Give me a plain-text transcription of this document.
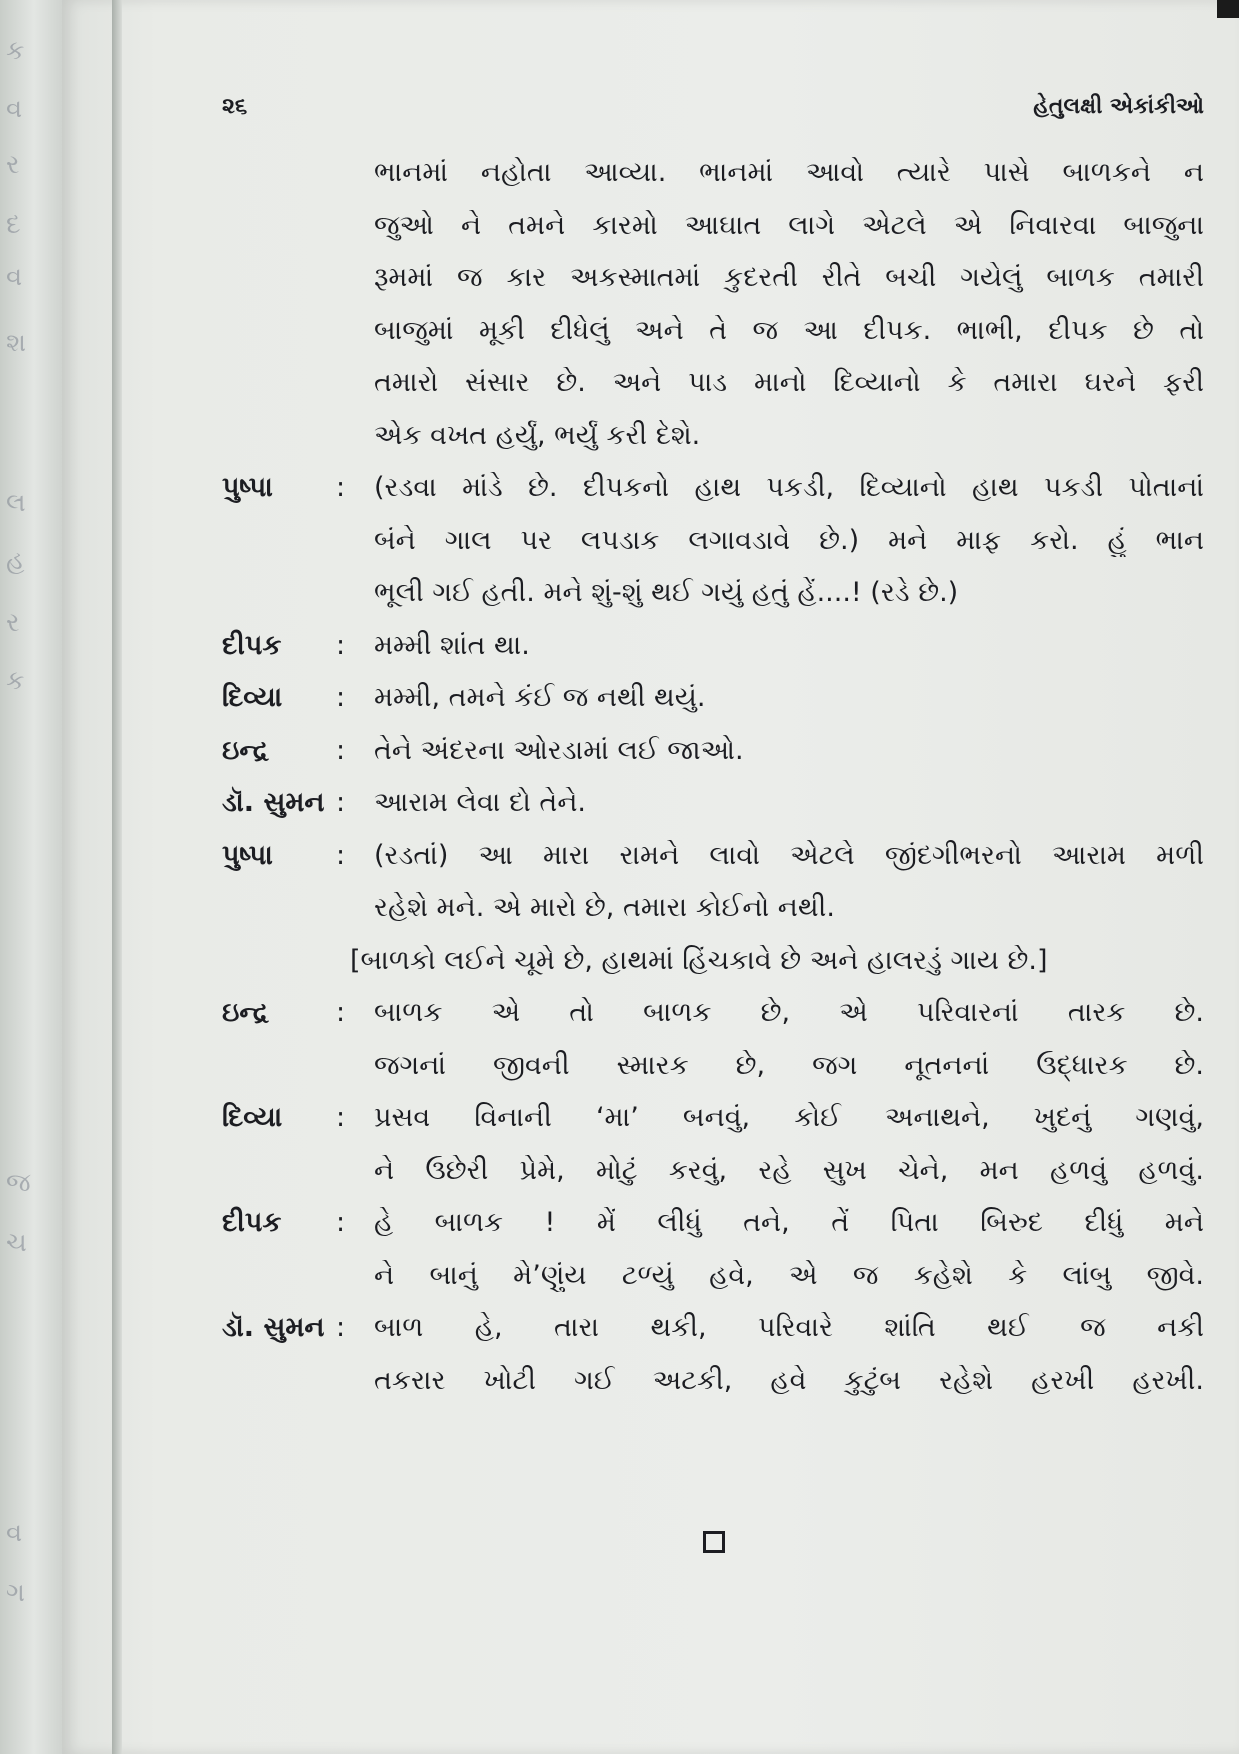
ક
વ
ર
દ
વ
શ
લ
હ
ર
ક
જ
ચ
વ
ગ
૨૬	હેતુલક્ષી એકાંકીઓ
ભાનમાં નહોતા આવ્યા. ભાનમાં આવો ત્યારે પાસે બાળકને ન
જુઓ ને તમને કારમો આઘાત લાગે એટલે એ નિવારવા બાજુના
રૂમમાં જ કાર અકસ્માતમાં કુદરતી રીતે બચી ગયેલું બાળક તમારી
બાજુમાં મૂકી દીધેલું અને તે જ આ દીપક. ભાભી, દીપક છે તો
તમારો સંસાર છે. અને પાડ માનો દિવ્યાનો કે તમારા ઘરને ફરી
એક વખત હર્યું, ભર્યું કરી દેશે.
પુષ્પા : (રડવા માંડે છે. દીપકનો હાથ પકડી, દિવ્યાનો હાથ પકડી પોતાનાં
બંને ગાલ પર લપડાક લગાવડાવે છે.) મને માફ કરો. હું ભાન
ભૂલી ગઈ હતી. મને શું-શું થઈ ગયું હતું હેં....! (રડે છે.)
દીપક : મમ્મી શાંત થા.
દિવ્યા : મમ્મી, તમને કંઈ જ નથી થયું.
ઇન્દ્ર : તેને અંદરના ઓરડામાં લઈ જાઓ.
ડૉ. સુમન : આરામ લેવા દો તેને.
પુષ્પા : (રડતાં) આ મારા રામને લાવો એટલે જીંદગીભરનો આરામ મળી
રહેશે મને. એ મારો છે, તમારા કોઈનો નથી.
[બાળકો લઈને ચૂમે છે, હાથમાં હિંચકાવે છે અને હાલરડું ગાય છે.]
ઇન્દ્ર : બાળક એ તો બાળક છે, એ પરિવારનાં તારક છે.
જગનાં જીવની સ્મારક છે, જગ નૂતનનાં ઉદ્ધારક છે.
દિવ્યા : પ્રસવ વિનાની ‘મા’ બનવું, કોઈ અનાથને, ખુદનું ગણવું,
ને ઉછેરી પ્રેમે, મોટું કરવું, રહે સુખ ચેને, મન હળવું હળવું.
દીપક : હે બાળક ! મેં લીધું તને, તેં પિતા બિરુદ દીધું મને
ને બાનું મે’ણુંય ટળ્યું હવે, એ જ કહેશે કે લાંબુ જીવે.
ડૉ. સુમન : બાળ હે, તારા થકી, પરિવારે શાંતિ થઈ જ નકી
તકરાર ખોટી ગઈ અટકી, હવે કુટુંબ રહેશે હરખી હરખી.
